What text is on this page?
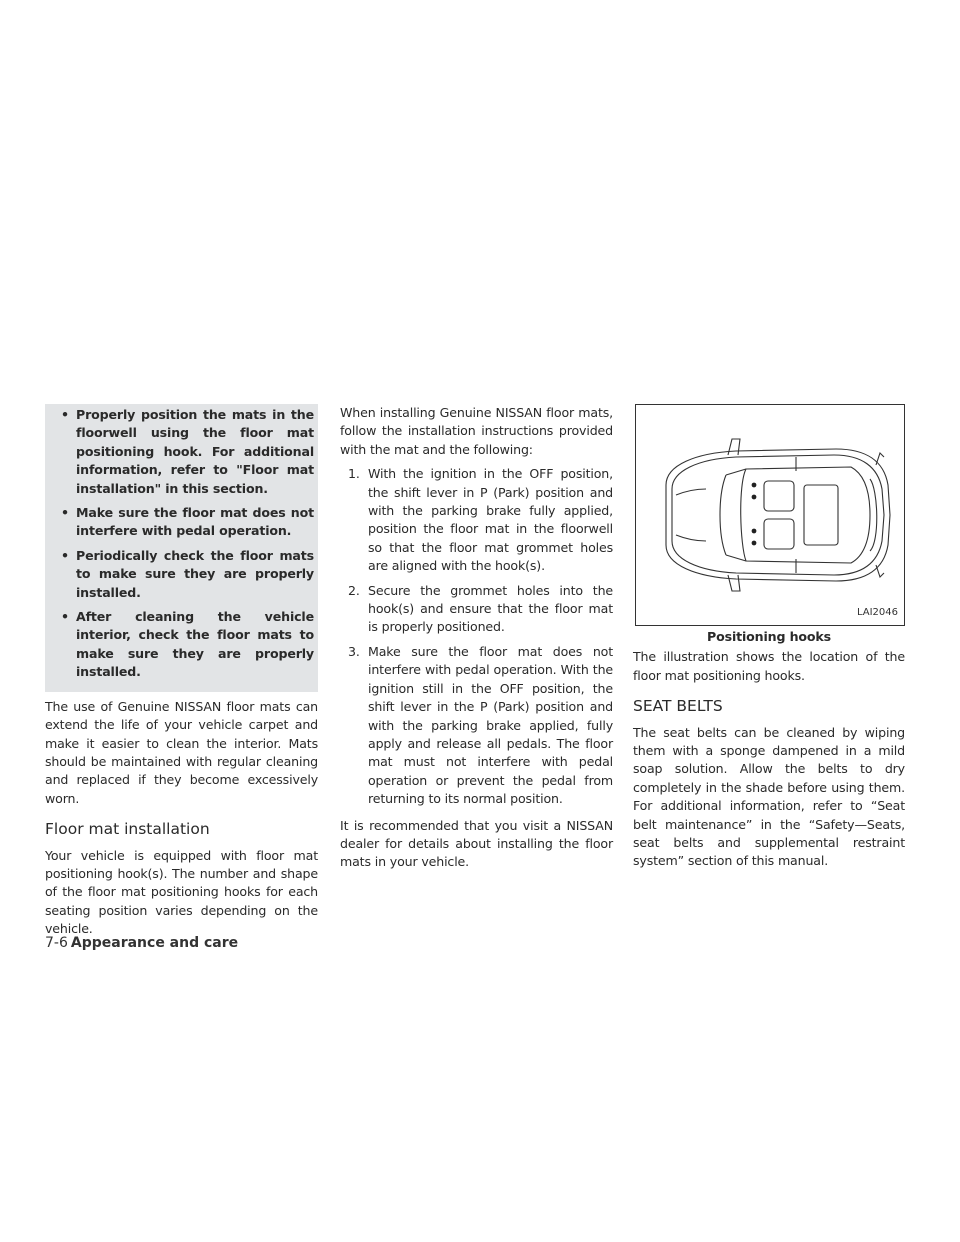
• Properly position the mats in the floorwell using the floor mat positioning hook. For additional information, refer to "Floor mat installation" in this section.
• Make sure the floor mat does not interfere with pedal operation.
• Periodically check the floor mats to make sure they are properly installed.
• After cleaning the vehicle interior, check the floor mats to make sure they are properly installed.

The use of Genuine NISSAN floor mats can extend the life of your vehicle carpet and make it easier to clean the interior. Mats should be maintained with regular cleaning and replaced if they become excessively worn.

Floor mat installation

Your vehicle is equipped with floor mat positioning hook(s). The number and shape of the floor mat positioning hooks for each seating position varies depending on the vehicle.

When installing Genuine NISSAN floor mats, follow the installation instructions provided with the mat and the following:

1. With the ignition in the OFF position, the shift lever in P (Park) position and with the parking brake fully applied, position the floor mat in the floorwell so that the floor mat grommet holes are aligned with the hook(s).
2. Secure the grommet holes into the hook(s) and ensure that the floor mat is properly positioned.
3. Make sure the floor mat does not interfere with pedal operation. With the ignition still in the OFF position, the shift lever in the P (Park) position and with the parking brake applied, fully apply and release all pedals. The floor mat must not interfere with pedal operation or prevent the pedal from returning to its normal position.

It is recommended that you visit a NISSAN dealer for details about installing the floor mats in your vehicle.

LAI2046
Positioning hooks

The illustration shows the location of the floor mat positioning hooks.

SEAT BELTS

The seat belts can be cleaned by wiping them with a sponge dampened in a mild soap solution. Allow the belts to dry completely in the shade before using them. For additional information, refer to “Seat belt maintenance” in the “Safety—Seats, seat belts and supplemental restraint system” section of this manual.

7-6 Appearance and care
